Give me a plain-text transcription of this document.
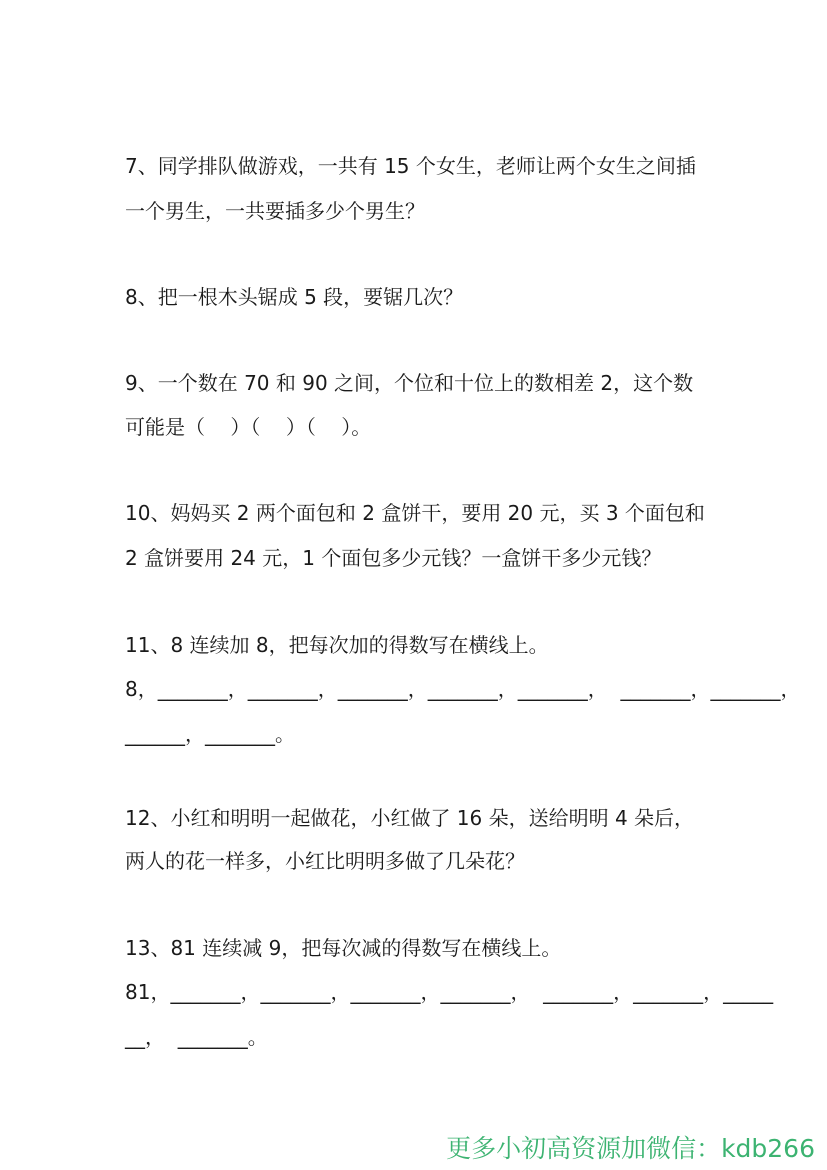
7、同学排队做游戏，一共有 15 个女生，老师让两个女生之间插

一个男生，一共要插多少个男生？

8、把一根木头锯成 5 段，要锯几次？

9、一个数在 70 和 90 之间，个位和十位上的数相差 2，这个数

可能是（    ）（    ）（    ）。

10、妈妈买 2 两个面包和 2 盒饼干，要用 20 元，买 3 个面包和

2 盒饼要用 24 元，1 个面包多少元钱？一盒饼干多少元钱？

11、8 连续加 8，把每次加的得数写在横线上。

8，_______，_______，_______，_______，_______，  _______，_______，

______，_______。

12、小红和明明一起做花，小红做了 16 朵，送给明明 4 朵后，

两人的花一样多，小红比明明多做了几朵花？

13、81 连续减 9，把每次减的得数写在横线上。

81，_______，_______，_______，_______，  _______，_______，_____

__，  _______。

更多小初高资源加微信：kdb266
